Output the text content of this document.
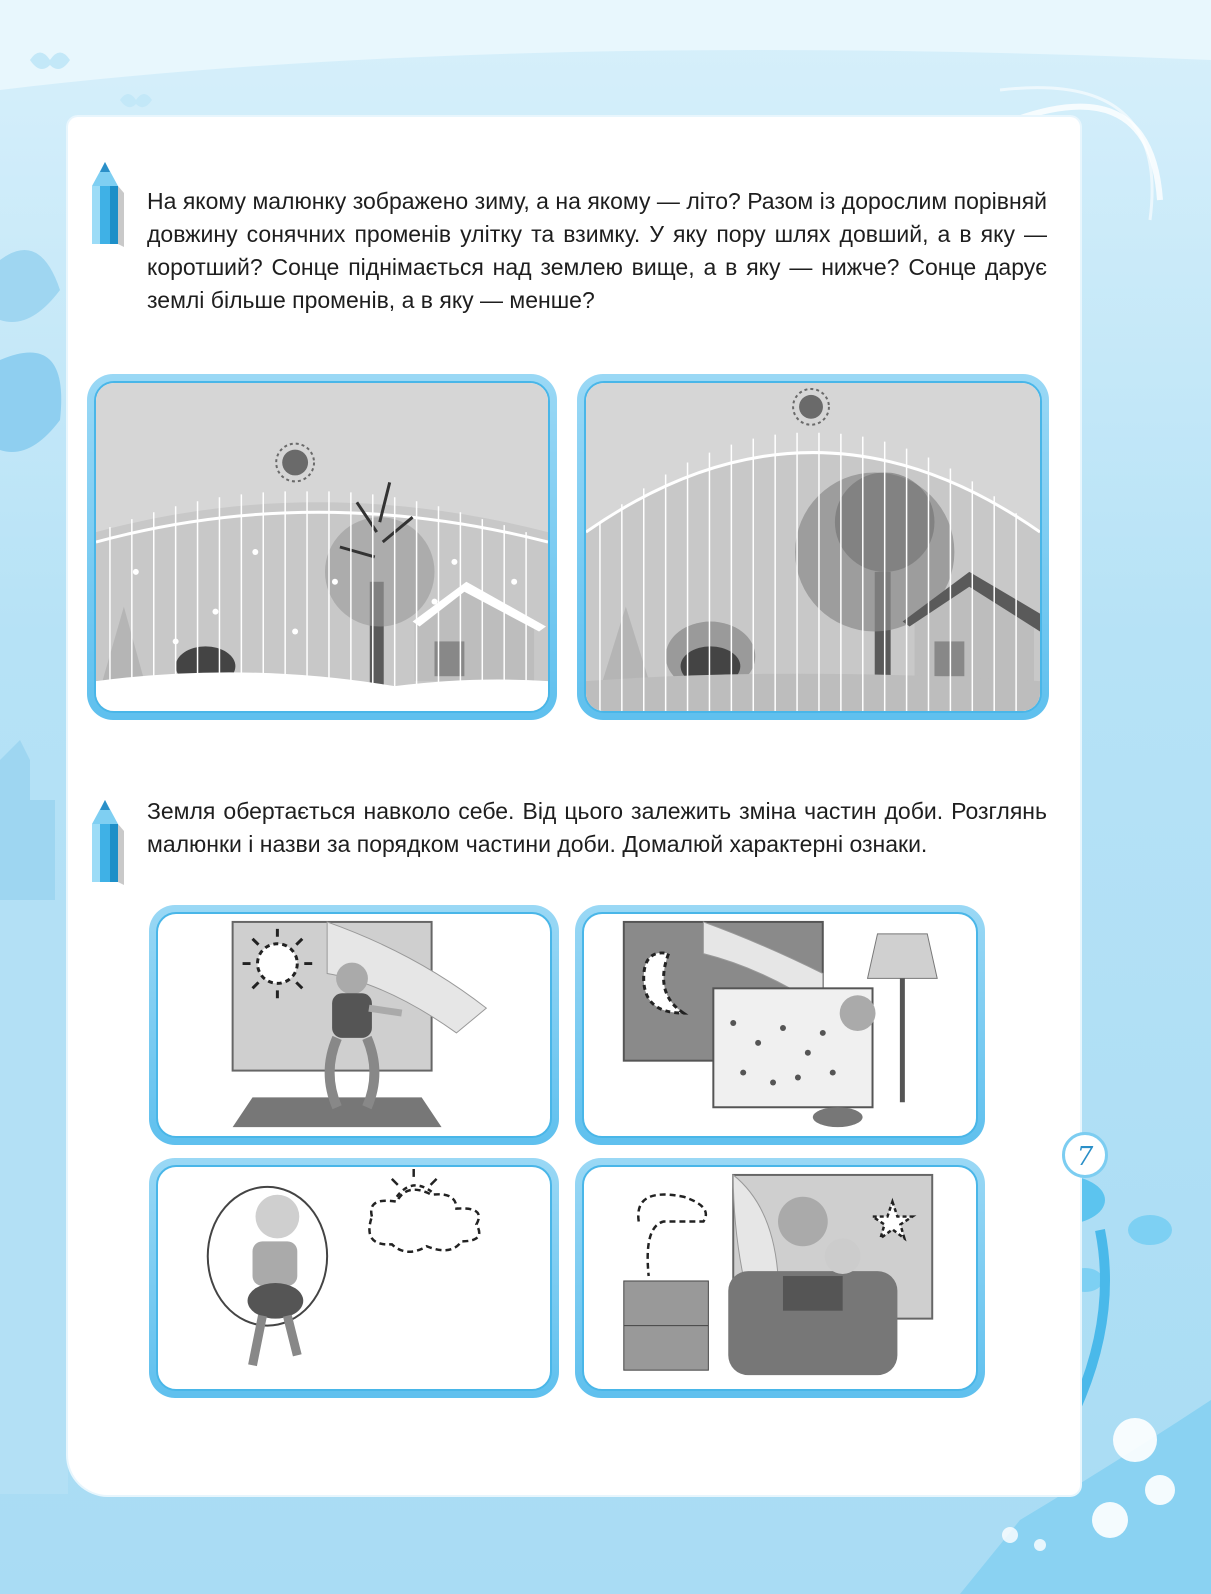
На якому малюнку зображено зиму, а на якому — літо? Разом із дорослим порівняй довжину сонячних променів улітку та взимку. У яку пору шлях довший, а в яку — коротший? Сонце піднімається над землею вище, а в яку — нижче? Сонце дарує землі більше променів, а в яку — менше?
Земля обертається навколо себе. Від цього залежить зміна частин доби. Розглянь малюнки і назви за порядком частини доби. Домалюй характерні ознаки.
7
